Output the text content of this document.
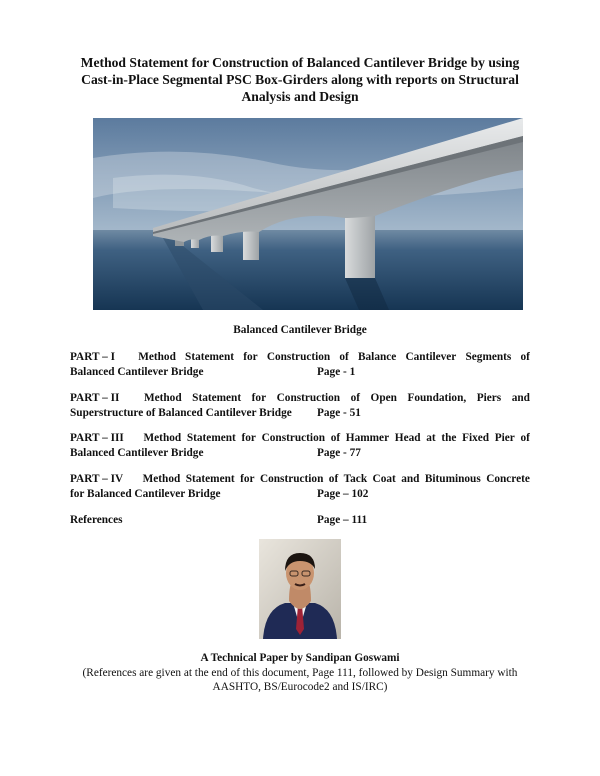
Method Statement for Construction of Balanced Cantilever Bridge by using
Cast-in-Place Segmental PSC Box-Girders along with reports on Structural
Analysis and Design
Balanced Cantilever Bridge
PART – I Method Statement for Construction of Balance Cantilever Segments of
Balanced Cantilever Bridge	Page - 1
PART – II Method Statement for Construction of Open Foundation, Piers and
Superstructure of Balanced Cantilever Bridge Page - 51
PART – III Method Statement for Construction of Hammer Head at the Fixed Pier of
Balanced Cantilever Bridge	Page - 77
PART – IV Method Statement for Construction of Tack Coat and Bituminous Concrete
for Balanced Cantilever Bridge	Page – 102
References	Page – 111
A Technical Paper by Sandipan Goswami
(References are given at the end of this document, Page 111, followed by Design Summary with
AASHTO, BS/Eurocode2 and IS/IRC)
